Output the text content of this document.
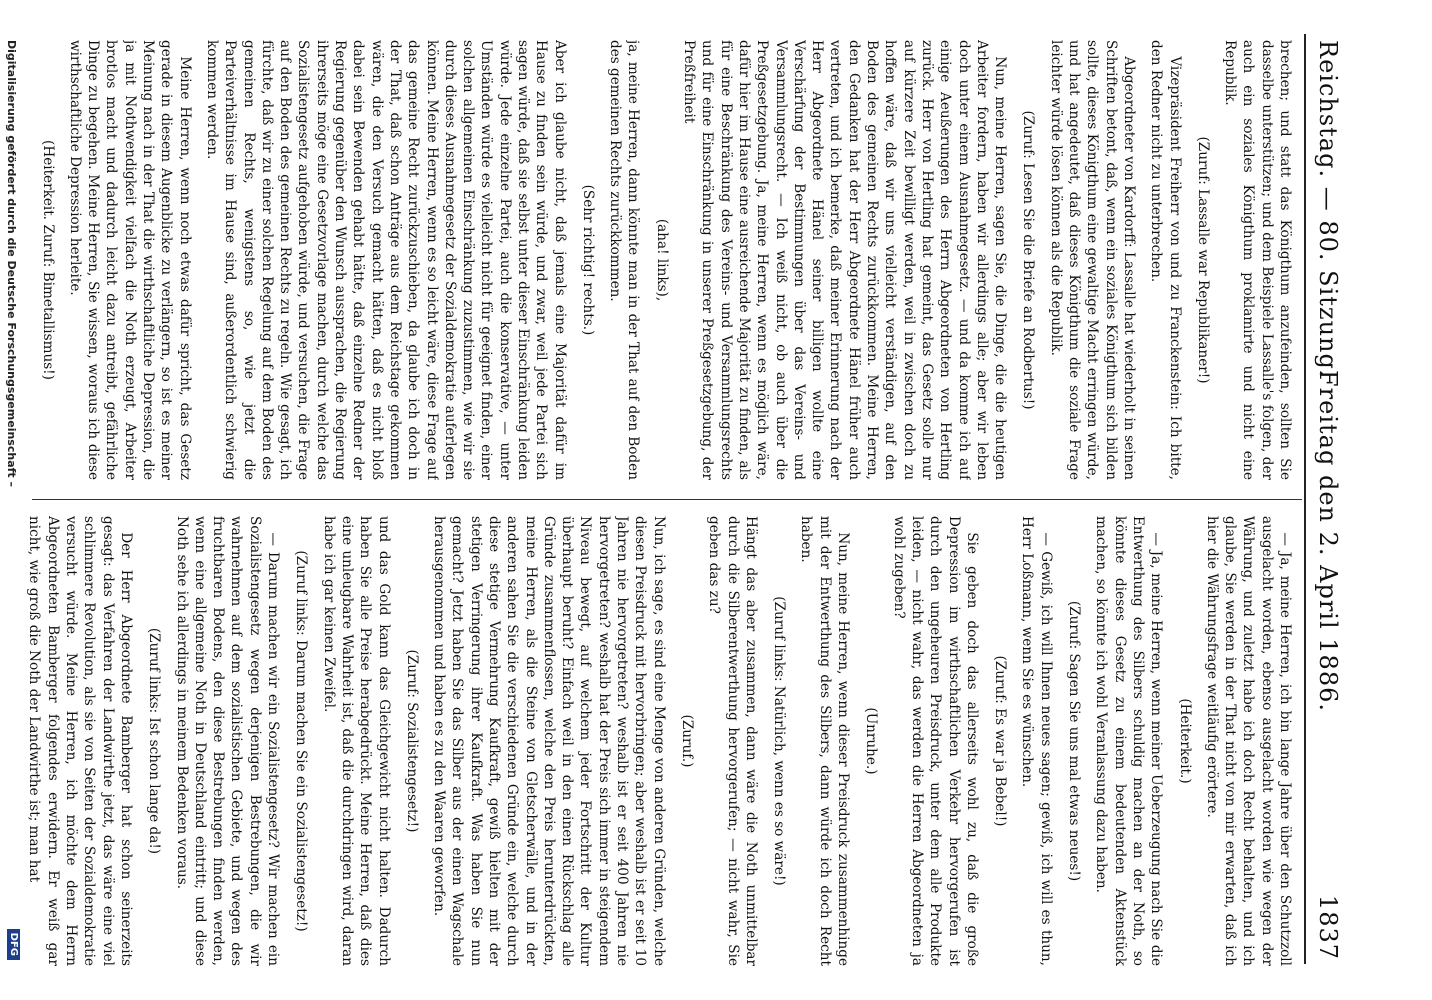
Reichstag. — 80. Sitzung.
Freitag den 2. April 1886.
1837

brechen; und statt das Königthum anzufeinden, sollten Sie dasselbe unterstützen; und dem Beispiele Lassalle's folgen, der auch ein soziales Königthum proklamirte und nicht eine Republik.

(Zuruf: Lassalle war Republikaner!)

Vizepräsident Freiherr von und zu Franckenstein: Ich bitte, den Redner nicht zu unterbrechen.

Abgeordneter von Kardorff: Lassalle hat wiederholt in seinen Schriften betont, daß, wenn ein soziales Königthum sich bilden sollte, dieses Königthum eine gewaltige Macht erringen würde, und hat angedeutet, daß dieses Königthum die soziale Frage leichter würde lösen können als die Republik.

(Zuruf: Lesen Sie die Briefe an Rodbertus!)

Nun, meine Herren, sagen Sie, die Dinge, die die heutigen Arbeiter fordern, haben wir allerdings alle; aber wir leben doch unter einem Ausnahmegesetz. — und da komme ich auf einige Aeußerungen des Herrn Abgeordneten von Hertling zurück. Herr von Hertling hat gemeint, das Gesetz solle nur auf kürzere Zeit bewilligt werden, weil in zwischen doch zu hoffen wäre, daß wir uns vielleicht verständigen, auf den Boden des gemeinen Rechts zurückkommen. Meine Herren, den Gedanken hat der Herr Abgeordnete Hänel früher auch vertreten, und ich bemerke, daß meiner Erinnerung nach der Herr Abgeordnete Hänel seiner billigen wollte eine Verschärfung der Bestimmungen über das Vereins- und Versammlungsrecht. — Ich weiß nicht, ob auch über die Preßgesetzgebung. Ja, meine Herren, wenn es möglich wäre, dafür hier im Hause eine ausreichende Majorität zu finden, als für eine Beschränkung des Vereins- und Versammlungsrechts und für eine Einschränkung in unserer Preßgesetzgebung, der Preßfreiheit

(aha! links),

ja, meine Herren, dann könnte man in der That auf den Boden des gemeinen Rechts zurückkommen.

(Sehr richtig! rechts.)

Aber ich glaube nicht, daß jemals eine Majorität dafür im Hause zu finden sein würde, und zwar, weil jede Partei sich sagen würde, daß sie selbst unter dieser Einschränkung leiden würde. Jede einzelne Partei, auch die konservative, — unter Umständen würde es vielleicht nicht für geeignet finden, einer solchen allgemeinen Einschränkung zuzustimmen, wie wir sie durch dieses Ausnahmegesetz der Sozialdemokratie auferlegen können. Meine Herren, wenn es so leicht wäre, diese Frage auf das gemeine Recht zurückzuschieben, da glaube ich doch in der That, daß schon Anträge aus dem Reichstage gekommen wären, die den Versuch gemacht hätten, daß es nicht bloß dabei sein Bewenden gehabt hätte, daß einzelne Redner der Regierung gegenüber den Wunsch aussprachen, die Regierung ihrerseits möge eine Gesetzvorlage machen, durch welche das Sozialistengesetz aufgehoben würde, und versuchen, die Frage auf den Boden des gemeinen Rechts zu regeln. Wie gesagt, ich fürchte, daß wir zu einer solchen Regelung auf dem Boden des gemeinen Rechts, wenigstens so, wie jetzt die Parteiverhältnisse im Hause sind, außerordentlich schwierig kommen werden.

Meine Herren, wenn noch etwas dafür spricht, das Gesetz gerade in diesem Augenblicke zu verlängern, so ist es meiner Meinung nach in der That die wirthschaftliche Depression, die ja mit Nothwendigkeit vielfach die Noth erzeugt, Arbeiter brotlos macht und dadurch leicht dazu antreibt, gefährliche Dinge zu begehen. Meine Herren, Sie wissen, woraus ich diese wirthschaftliche Depression herleite.

(Heiterkeit. Zuruf: Bimetallismus!)

— Ja, meine Herren, ich bin lange Jahre über den Schutzzoll ausgelacht worden, ebenso ausgelacht worden wie wegen der Währung, und zuletzt habe ich doch Recht behalten, und ich glaube, Sie werden in der That nicht von mir erwarten, daß ich hier die Währungsfrage weitläufig erörtere.

(Heiterkeit.)

— Ja, meine Herren, wenn meiner Ueberzeugung nach Sie die Entwerthung des Silbers schuldig machen an der Noth, so könnte dieses Gesetz zu einem bedeutenden Aktenstück machen, so könnte ich wohl Veranlassung dazu haben.

(Zuruf: Sagen Sie uns mal etwas neues!)

— Gewiß, ich will Ihnen neues sagen; gewiß, ich will es thun, Herr Loßmann, wenn Sie es wünschen.

(Zuruf: Es war ja Bebel!)

Sie geben doch das allerseits wohl zu, daß die große Depression im wirthschaftlichen Verkehr hervorgerufen ist durch den ungeheuren Preisdruck, unter dem alle Produkte leiden, — nicht wahr, das werden die Herren Abgeordneten ja wohl zugeben?

(Unruhe.)

Nun, meine Herren, wenn dieser Preisdruck zusammenhinge mit der Entwerthung des Silbers, dann würde ich doch Recht haben.

(Zuruf links: Natürlich, wenn es so wäre!)

Hängt das aber zusammen, dann wäre die Noth unmittelbar durch die Silberentwerthung hervorgerufen; — nicht wahr, Sie geben das zu?

(Zuruf.)

Nun, ich sage, es sind eine Menge von anderen Gründen, welche diesen Preisdruck mit hervorbringen; aber weshalb ist er seit 10 Jahren nie hervorgetreten? weshalb ist er seit 400 Jahren nie hervorgetreten? weshalb hat der Preis sich immer in steigendem Niveau bewegt, auf welchem jeder Fortschritt der Kultur überhaupt beruht? Einfach weil in den einen Rückschlag alle Gründe zusammenflossen, welche den Preis herunterdrückten, meine Herren, als die Steine von Gletscherwälle, und in der anderen sahen Sie die verschiedenen Gründe ein, welche durch diese stetige Vermehrung Kaufkraft, gewiß hielten mit der stetigen Verringerung ihrer Kaufkraft. Was haben Sie nun gemacht? Jetzt haben Sie das Silber aus der einen Wagschale herausgenommen und haben es zu den Waaren geworfen.

(Zuruf: Sozialistengesetz!)

und das Gold kann das Gleichgewicht nicht halten. Dadurch haben Sie alle Preise herabgedrückt. Meine Herren, daß dies eine unleugbare Wahrheit ist, daß die durchdringen wird, daran habe ich gar keinen Zweifel.

(Zuruf links: Darum machen Sie ein Sozialistengesetz!)

— Darum machen wir ein Sozialistengesetz? Wir machen ein Sozialistengesetz wegen derjenigen Bestrebungen, die wir wahrnehmen auf dem sozialistischen Gebiete, und wegen des fruchtbaren Bodens, den diese Bestrebungen finden werden, wenn eine allgemeine Noth in Deutschland eintritt; und diese Noth sehe ich allerdings in meinem Bedenken voraus.

(Zuruf links: Ist schon lange da!)

Der Herr Abgeordnete Bamberger hat schon seinerzeits gesagt: das Verfahren der Landwirthe jetzt, das wäre eine viel schlimmere Revolution, als sie von Seiten der Sozialdemokratie versucht würde. Meine Herren, ich möchte dem Herrn Abgeordneten Bamberger folgendes erwidern. Er weiß gar nicht, wie groß die Noth der Landwirthe ist; man hat

Digitalisierung gefördert durch die Deutsche Forschungsgemeinschaft –
DFG
